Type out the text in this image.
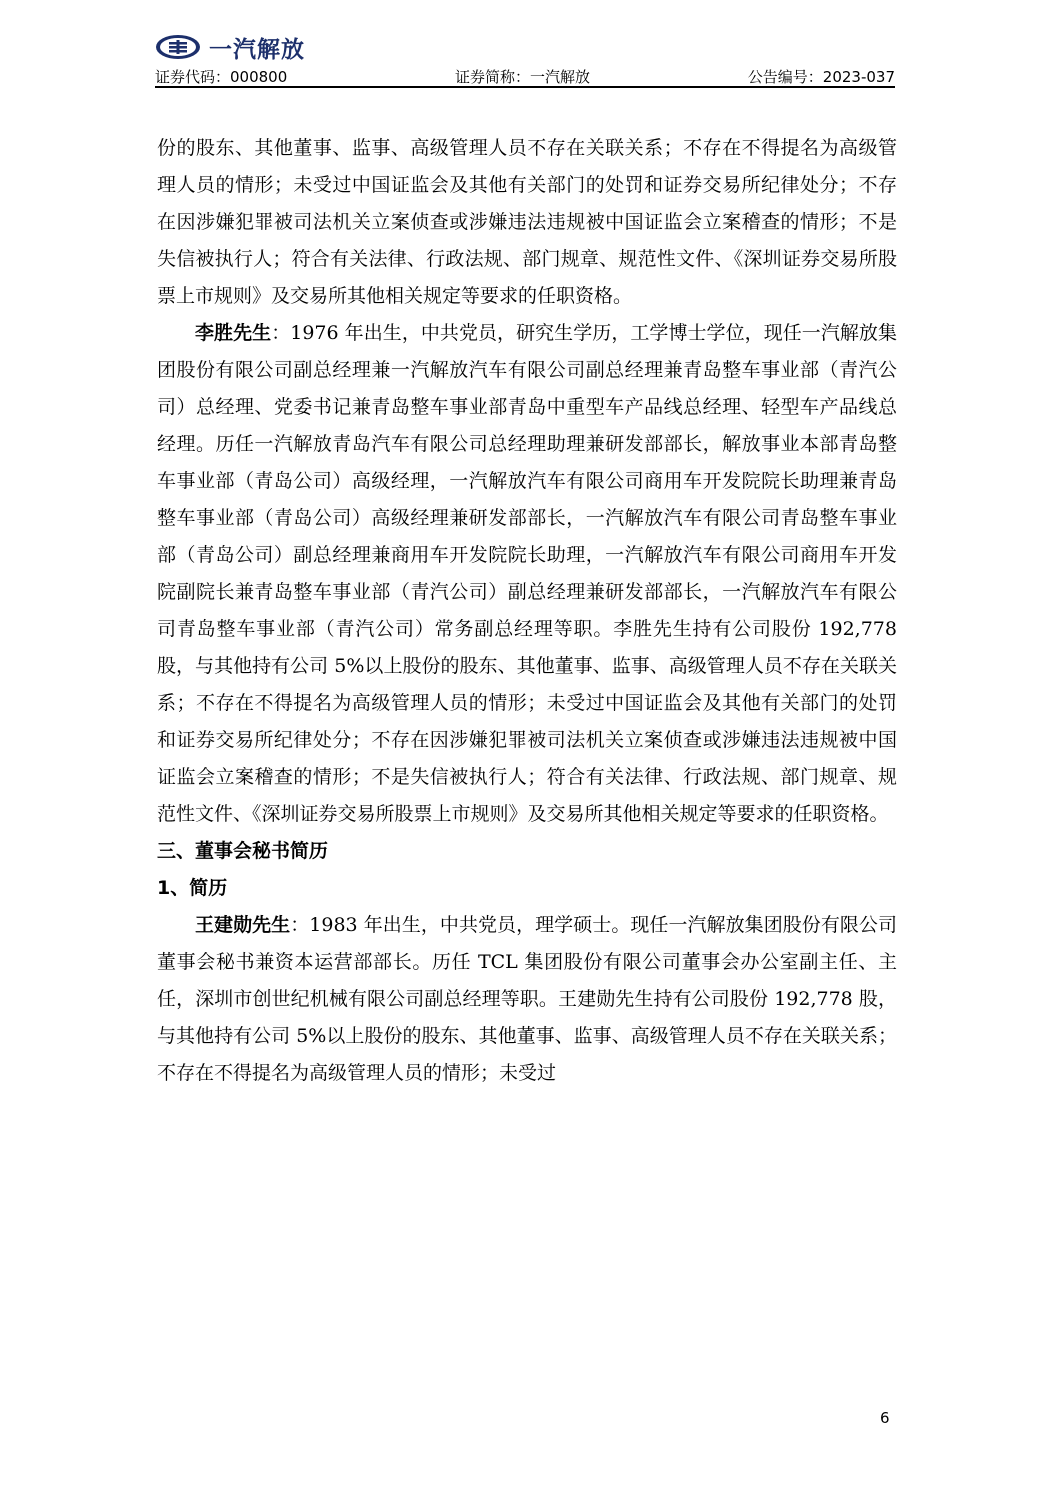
一汽解放
证券代码：000800	证券简称：一汽解放	公告编号：2023-037

份的股东、其他董事、监事、高级管理人员不存在关联关系；不存在不得提名为高级管理人员的情形；未受过中国证监会及其他有关部门的处罚和证券交易所纪律处分；不存在因涉嫌犯罪被司法机关立案侦查或涉嫌违法违规被中国证监会立案稽查的情形；不是失信被执行人；符合有关法律、行政法规、部门规章、规范性文件、《深圳证券交易所股票上市规则》及交易所其他相关规定等要求的任职资格。

李胜先生：1976 年出生，中共党员，研究生学历，工学博士学位，现任一汽解放集团股份有限公司副总经理兼一汽解放汽车有限公司副总经理兼青岛整车事业部（青汽公司）总经理、党委书记兼青岛整车事业部青岛中重型车产品线总经理、轻型车产品线总经理。历任一汽解放青岛汽车有限公司总经理助理兼研发部部长，解放事业本部青岛整车事业部（青岛公司）高级经理，一汽解放汽车有限公司商用车开发院院长助理兼青岛整车事业部（青岛公司）高级经理兼研发部部长，一汽解放汽车有限公司青岛整车事业部（青岛公司）副总经理兼商用车开发院院长助理，一汽解放汽车有限公司商用车开发院副院长兼青岛整车事业部（青汽公司）副总经理兼研发部部长，一汽解放汽车有限公司青岛整车事业部（青汽公司）常务副总经理等职。李胜先生持有公司股份 192,778 股，与其他持有公司 5%以上股份的股东、其他董事、监事、高级管理人员不存在关联关系；不存在不得提名为高级管理人员的情形；未受过中国证监会及其他有关部门的处罚和证券交易所纪律处分；不存在因涉嫌犯罪被司法机关立案侦查或涉嫌违法违规被中国证监会立案稽查的情形；不是失信被执行人；符合有关法律、行政法规、部门规章、规范性文件、《深圳证券交易所股票上市规则》及交易所其他相关规定等要求的任职资格。

三、董事会秘书简历

1、简历

王建勋先生：1983 年出生，中共党员，理学硕士。现任一汽解放集团股份有限公司董事会秘书兼资本运营部部长。历任 TCL 集团股份有限公司董事会办公室副主任、主任，深圳市创世纪机械有限公司副总经理等职。王建勋先生持有公司股份 192,778 股，与其他持有公司 5%以上股份的股东、其他董事、监事、高级管理人员不存在关联关系；不存在不得提名为高级管理人员的情形；未受过

6
